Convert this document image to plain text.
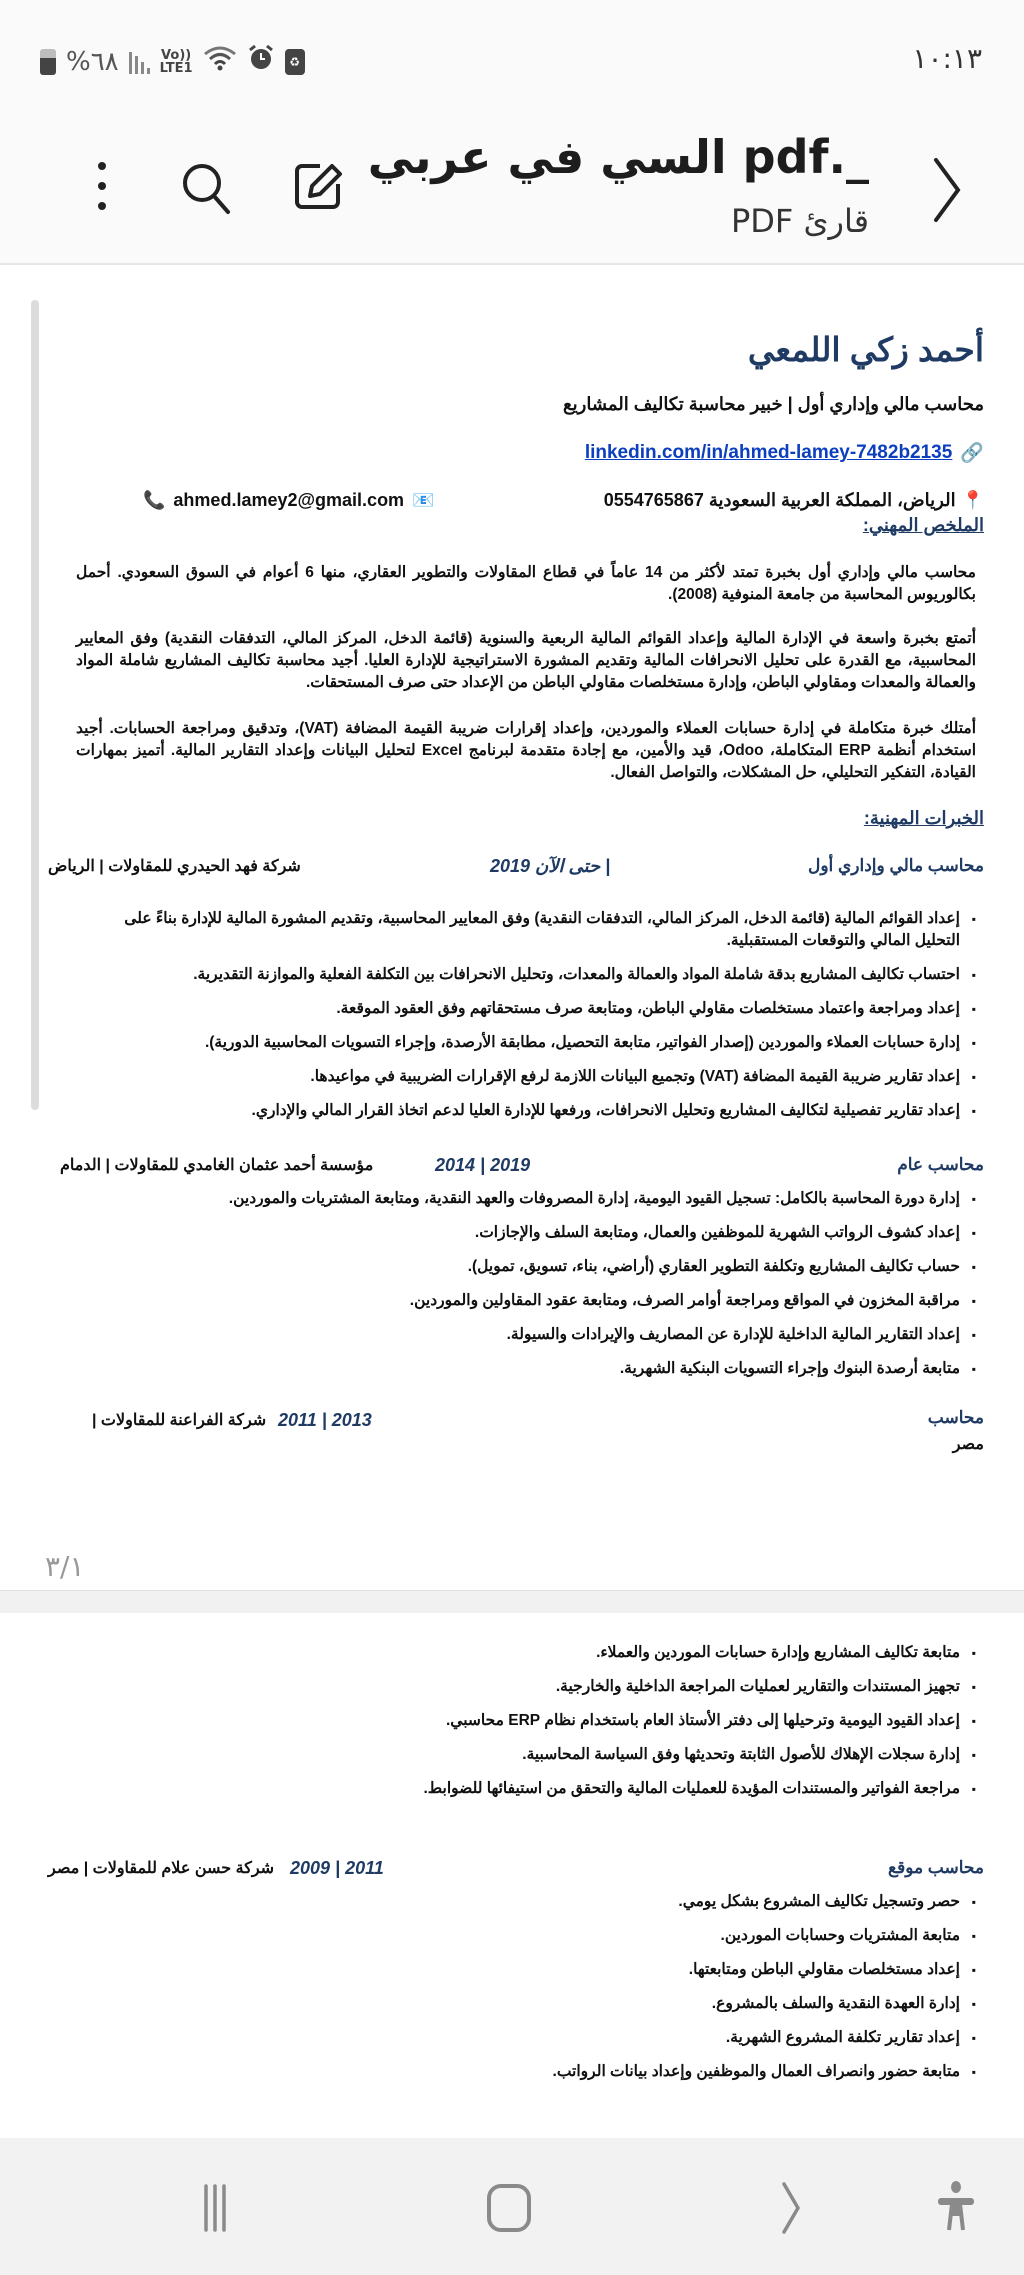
%٦٨	Vo))
LTE1	♻	١٠:١٣
_.pdf السي في عربي
قارئ PDF
أحمد زكي اللمعي
محاسب مالي وإداري أول | خبير محاسبة تكاليف المشاريع
🔗
linkedin.com/in/ahmed-lamey-7482b2135
📍
الرياض، المملكة العربية السعودية 0554765867
📞 ahmed.lamey2@gmail.com 📧
الملخص المهني:
محاسب مالي وإداري أول بخبرة تمتد لأكثر من 14 عاماً في قطاع المقاولات والتطوير العقاري، منها 6 أعوام في السوق السعودي. أحمل بكالوريوس المحاسبة من جامعة المنوفية (2008).
أتمتع بخبرة واسعة في الإدارة المالية وإعداد القوائم المالية الربعية والسنوية (قائمة الدخل، المركز المالي، التدفقات النقدية) وفق المعايير المحاسبية، مع القدرة على تحليل الانحرافات المالية وتقديم المشورة الاستراتيجية للإدارة العليا. أجيد محاسبة تكاليف المشاريع شاملة المواد والعمالة والمعدات ومقاولي الباطن، وإدارة مستخلصات مقاولي الباطن من الإعداد حتى صرف المستحقات.
أمتلك خبرة متكاملة في إدارة حسابات العملاء والموردين، وإعداد إقرارات ضريبة القيمة المضافة (VAT)، وتدقيق ومراجعة الحسابات. أجيد استخدام أنظمة ERP المتكاملة، Odoo، قيد والأمين، مع إجادة متقدمة لبرنامج Excel لتحليل البيانات وإعداد التقارير المالية. أتميز بمهارات القيادة، التفكير التحليلي، حل المشكلات، والتواصل الفعال.
الخبرات المهنية:
محاسب مالي وإداري أول
2019 حتى الآن |
شركة فهد الحيدري للمقاولات | الرياض
▪ إعداد القوائم المالية (قائمة الدخل، المركز المالي، التدفقات النقدية) وفق المعايير المحاسبية، وتقديم المشورة المالية للإدارة بناءً على التحليل المالي والتوقعات المستقبلية.
▪ احتساب تكاليف المشاريع بدقة شاملة المواد والعمالة والمعدات، وتحليل الانحرافات بين التكلفة الفعلية والموازنة التقديرية.
▪ إعداد ومراجعة واعتماد مستخلصات مقاولي الباطن، ومتابعة صرف مستحقاتهم وفق العقود الموقعة.
▪ إدارة حسابات العملاء والموردين (إصدار الفواتير، متابعة التحصيل، مطابقة الأرصدة، وإجراء التسويات المحاسبية الدورية).
▪ إعداد تقارير ضريبة القيمة المضافة (VAT) وتجميع البيانات اللازمة لرفع الإقرارات الضريبية في مواعيدها.
▪ إعداد تقارير تفصيلية لتكاليف المشاريع وتحليل الانحرافات، ورفعها للإدارة العليا لدعم اتخاذ القرار المالي والإداري.
محاسب عام
2014 | 2019
مؤسسة أحمد عثمان الغامدي للمقاولات | الدمام
▪ إدارة دورة المحاسبة بالكامل: تسجيل القيود اليومية، إدارة المصروفات والعهد النقدية، ومتابعة المشتريات والموردين.
▪ إعداد كشوف الرواتب الشهرية للموظفين والعمال، ومتابعة السلف والإجازات.
▪ حساب تكاليف المشاريع وتكلفة التطوير العقاري (أراضي، بناء، تسويق، تمويل).
▪ مراقبة المخزون في المواقع ومراجعة أوامر الصرف، ومتابعة عقود المقاولين والموردين.
▪ إعداد التقارير المالية الداخلية للإدارة عن المصاريف والإيرادات والسيولة.
▪ متابعة أرصدة البنوك وإجراء التسويات البنكية الشهرية.
محاسب
مصر
2011 | 2013
شركة الفراعنة للمقاولات |
٣/١
▪ متابعة تكاليف المشاريع وإدارة حسابات الموردين والعملاء.
▪ تجهيز المستندات والتقارير لعمليات المراجعة الداخلية والخارجية.
▪ إعداد القيود اليومية وترحيلها إلى دفتر الأستاذ العام باستخدام نظام ERP محاسبي.
▪ إدارة سجلات الإهلاك للأصول الثابتة وتحديثها وفق السياسة المحاسبية.
▪ مراجعة الفواتير والمستندات المؤيدة للعمليات المالية والتحقق من استيفائها للضوابط.
محاسب موقع
2009 | 2011
شركة حسن علام للمقاولات | مصر
▪ حصر وتسجيل تكاليف المشروع بشكل يومي.
▪ متابعة المشتريات وحسابات الموردين.
▪ إعداد مستخلصات مقاولي الباطن ومتابعتها.
▪ إدارة العهدة النقدية والسلف بالمشروع.
▪ إعداد تقارير تكلفة المشروع الشهرية.
▪ متابعة حضور وانصراف العمال والموظفين وإعداد بيانات الرواتب.
